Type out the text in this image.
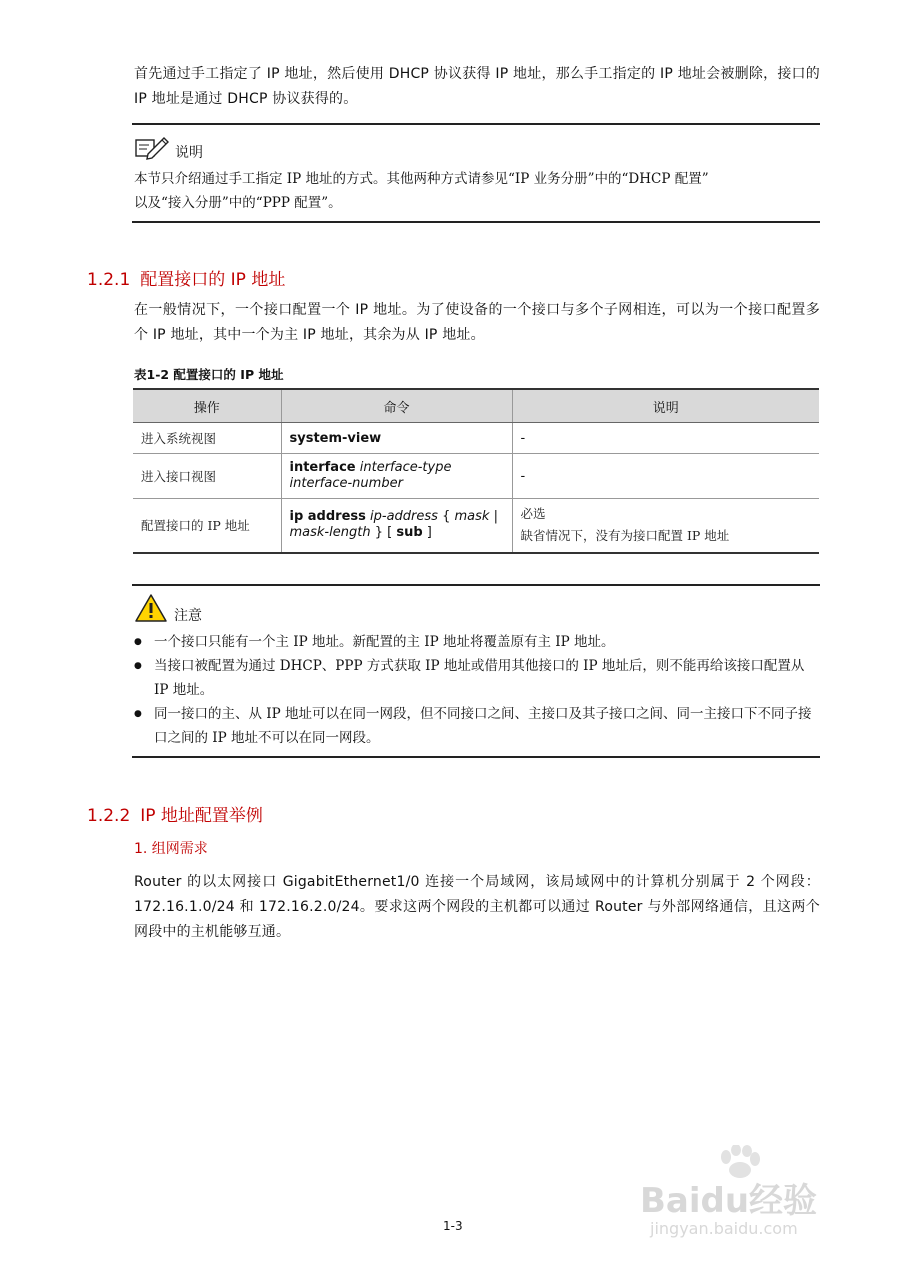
首先通过手工指定了 IP 地址，然后使用 DHCP 协议获得 IP 地址，那么手工指定的 IP 地址会被删除，接口的 IP 地址是通过 DHCP 协议获得的。
说明
本节只介绍通过手工指定 IP 地址的方式。其他两种方式请参见“IP 业务分册”中的“DHCP 配置”
以及“接入分册”中的“PPP 配置”。
1.2.1 配置接口的 IP 地址
在一般情况下，一个接口配置一个 IP 地址。为了使设备的一个接口与多个子网相连，可以为一个接口配置多个 IP 地址，其中一个为主 IP 地址，其余为从 IP 地址。
表1-2 配置接口的 IP 地址
操作	命令	说明
进入系统视图	system-view	-
进入接口视图	interface interface-type
interface-number	-
配置接口的 IP 地址	ip address ip-address { mask |
mask-length } [ sub ]	必选
缺省情况下，没有为接口配置 IP 地址
注意
● 一个接口只能有一个主 IP 地址。新配置的主 IP 地址将覆盖原有主 IP 地址。
● 当接口被配置为通过 DHCP、PPP 方式获取 IP 地址或借用其他接口的 IP 地址后，则不能再给该接口配置从 IP 地址。
● 同一接口的主、从 IP 地址可以在同一网段，但不同接口之间、主接口及其子接口之间、同一主接口下不同子接口之间的 IP 地址不可以在同一网段。
1.2.2 IP 地址配置举例
1. 组网需求
Router 的以太网接口 GigabitEthernet1/0 连接一个局域网，该局域网中的计算机分别属于 2 个网段：172.16.1.0/24 和 172.16.2.0/24。要求这两个网段的主机都可以通过 Router 与外部网络通信，且这两个网段中的主机能够互通。
1-3
Baidu经验
jingyan.baidu.com
